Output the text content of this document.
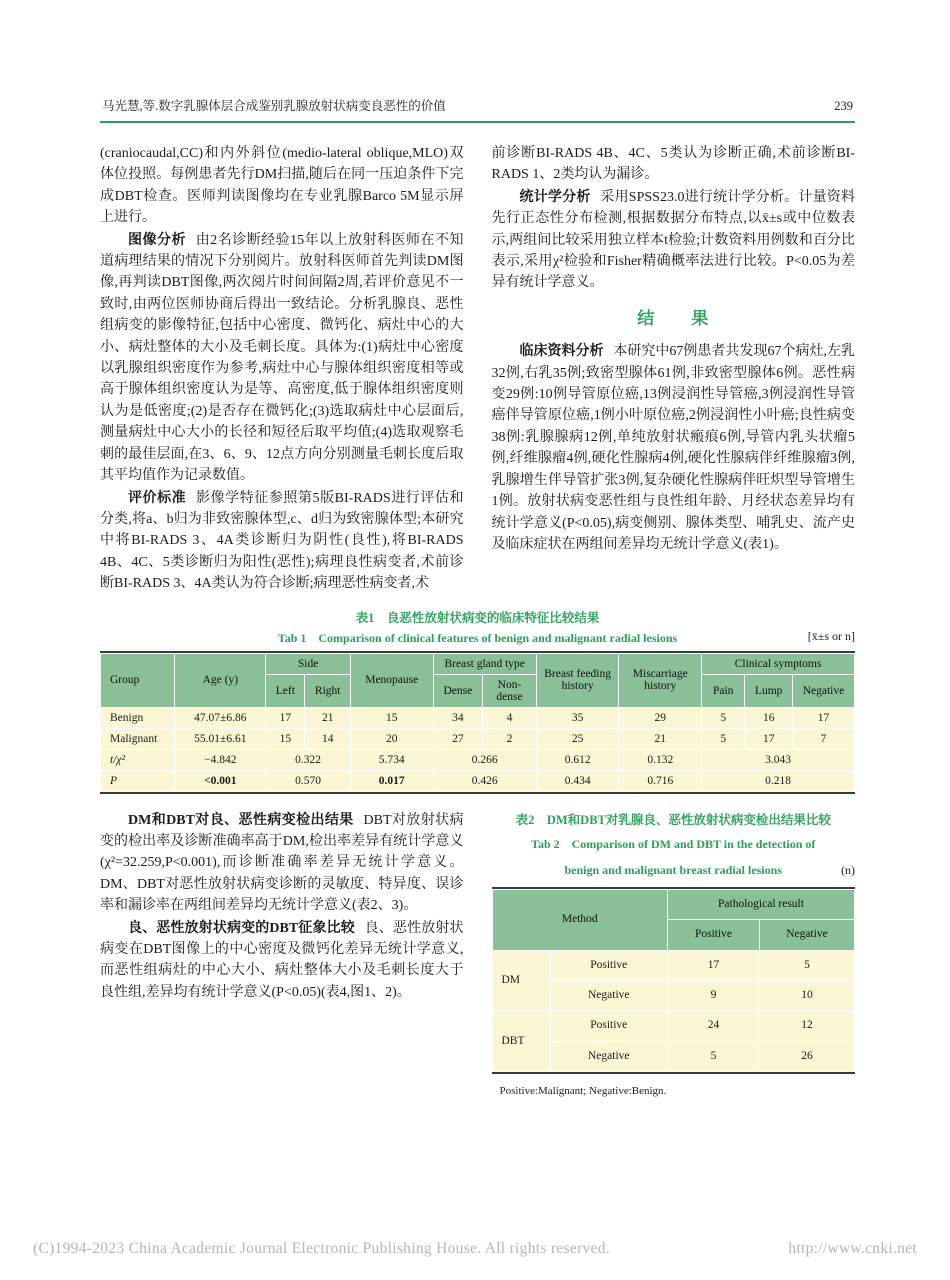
马光慧,等.数字乳腺体层合成鉴别乳腺放射状病变良恶性的价值	239

(craniocaudal,CC)和内外斜位(medio-lateral oblique,MLO)双体位投照。每例患者先行DM扫描,随后在同一压迫条件下完成DBT检查。医师判读图像均在专业乳腺Barco 5M显示屏上进行。

图像分析 由2名诊断经验15年以上放射科医师在不知道病理结果的情况下分别阅片。放射科医师首先判读DM图像,再判读DBT图像,两次阅片时间间隔2周,若评价意见不一致时,由两位医师协商后得出一致结论。分析乳腺良、恶性组病变的影像特征,包括中心密度、微钙化、病灶中心的大小、病灶整体的大小及毛刺长度。具体为:(1)病灶中心密度以乳腺组织密度作为参考,病灶中心与腺体组织密度相等或高于腺体组织密度认为是等、高密度,低于腺体组织密度则认为是低密度;(2)是否存在微钙化;(3)选取病灶中心层面后,测量病灶中心大小的长径和短径后取平均值;(4)选取观察毛刺的最佳层面,在3、6、9、12点方向分别测量毛刺长度后取其平均值作为记录数值。

评价标准 影像学特征参照第5版BI-RADS进行评估和分类,将a、b归为非致密腺体型,c、d归为致密腺体型;本研究中将BI-RADS 3、4A类诊断归为阴性(良性),将BI-RADS 4B、4C、5类诊断归为阳性(恶性);病理良性病变者,术前诊断BI-RADS 3、4A类认为符合诊断;病理恶性病变者,术

前诊断BI-RADS 4B、4C、5类认为诊断正确,术前诊断BI-RADS 1、2类均认为漏诊。

统计学分析 采用SPSS23.0进行统计学分析。计量资料先行正态性分布检测,根据数据分布特点,以x̄±s或中位数表示,两组间比较采用独立样本t检验;计数资料用例数和百分比表示,采用χ²检验和Fisher精确概率法进行比较。P<0.05为差异有统计学意义。

结　　果

临床资料分析 本研究中67例患者共发现67个病灶,左乳32例,右乳35例;致密型腺体61例,非致密型腺体6例。恶性病变29例:10例导管原位癌,13例浸润性导管癌,3例浸润性导管癌伴导管原位癌,1例小叶原位癌,2例浸润性小叶癌;良性病变38例:乳腺腺病12例,单纯放射状瘢痕6例,导管内乳头状瘤5例,纤维腺瘤4例,硬化性腺病4例,硬化性腺病伴纤维腺瘤3例,乳腺增生伴导管扩张3例,复杂硬化性腺病伴旺炽型导管增生1例。放射状病变恶性组与良性组年龄、月经状态差异均有统计学意义(P<0.05),病变侧别、腺体类型、哺乳史、流产史及临床症状在两组间差异均无统计学意义(表1)。

表1　良恶性放射状病变的临床特征比较结果
Tab 1　Comparison of clinical features of benign and malignant radial lesions	[x̄±s or n]
Group	Age (y)	Side		Menopause	Breast gland type		Breast feeding history	Miscarriage history	Clinical symptoms		
		Left	Right		Dense	Non-dense			Pain	Lump	Negative
Benign	47.07±6.86	17	21	15	34	4	35	29	5	16	17
Malignant	55.01±6.61	15	14	20	27	2	25	21	5	17	7
t/χ²	−4.842	0.322		5.734	0.266		0.612	0.132	3.043		
P	<0.001	0.570		0.017	0.426		0.434	0.716	0.218		

DM和DBT对良、恶性病变检出结果 DBT对放射状病变的检出率及诊断准确率高于DM,检出率差异有统计学意义(χ²=32.259,P<0.001),而诊断准确率差异无统计学意义。DM、DBT对恶性放射状病变诊断的灵敏度、特异度、误诊率和漏诊率在两组间差异均无统计学意义(表2、3)。

良、恶性放射状病变的DBT征象比较 良、恶性放射状病变在DBT图像上的中心密度及微钙化差异无统计学意义,而恶性组病灶的中心大小、病灶整体大小及毛刺长度大于良性组,差异均有统计学意义(P<0.05)(表4,图1、2)。

表2　DM和DBT对乳腺良、恶性放射状病变检出结果比较
Tab 2　Comparison of DM and DBT in the detection of
benign and malignant breast radial lesions	(n)
Method		Pathological result	
		Positive	Negative
DM	Positive	17	5
	Negative	9	10
DBT	Positive	24	12
	Negative	5	26
Positive:Malignant; Negative:Benign.
(C)1994-2023 China Academic Journal Electronic Publishing House. All rights reserved.	http://www.cnki.net
